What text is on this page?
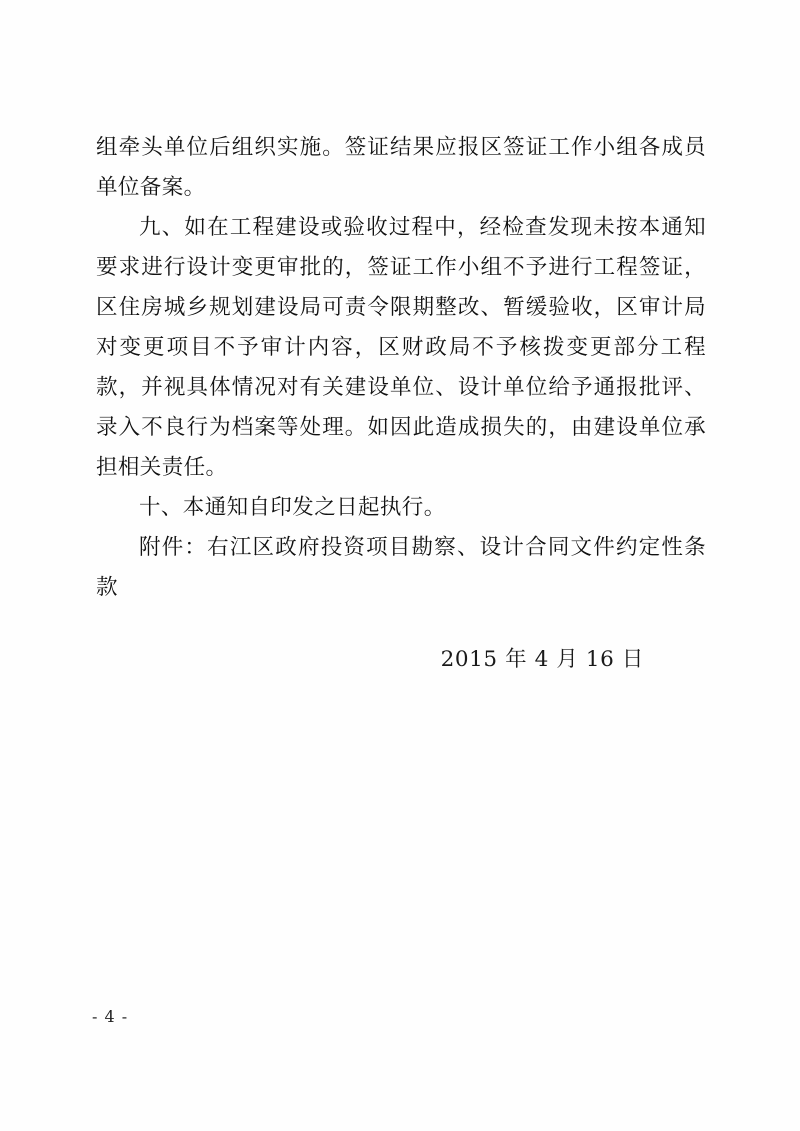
组牵头单位后组织实施。签证结果应报区签证工作小组各成员单位备案。

九、如在工程建设或验收过程中，经检查发现未按本通知要求进行设计变更审批的，签证工作小组不予进行工程签证，区住房城乡规划建设局可责令限期整改、暂缓验收，区审计局对变更项目不予审计内容，区财政局不予核拨变更部分工程款，并视具体情况对有关建设单位、设计单位给予通报批评、录入不良行为档案等处理。如因此造成损失的，由建设单位承担相关责任。

十、本通知自印发之日起执行。

附件：右江区政府投资项目勘察、设计合同文件约定性条款

2015 年 4 月 16 日
- 4 -
